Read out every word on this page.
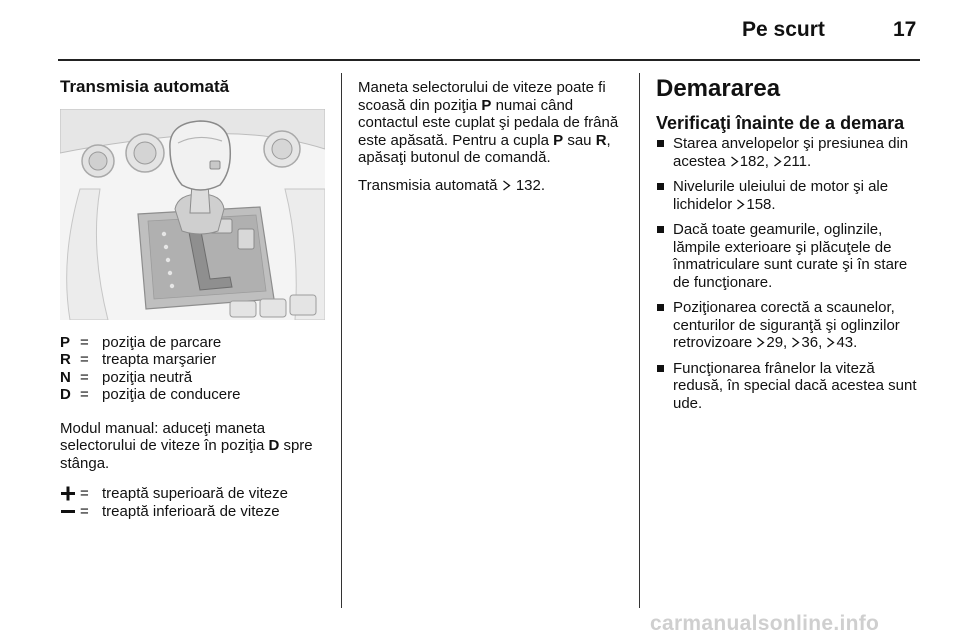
Pe scurt	17
Transmisia automată
P = poziţia de parcare
R = treapta marşarier
N = poziţia neutră
D = poziţia de conducere

Modul manual: aduceţi maneta selectorului de viteze în poziţia D spre stânga.

= treaptă superioară de viteze
= treaptă inferioară de viteze

Maneta selectorului de viteze poate fi scoasă din poziţia P numai când contactul este cuplat şi pedala de frână este apăsată. Pentru a cupla P sau R, apăsaţi butonul de comandă.

Transmisia automată 132.

Demararea
Verificaţi înainte de a demara
Starea anvelopelor şi presiunea din acestea 182, 211.
Nivelurile uleiului de motor şi ale lichidelor 158.
Dacă toate geamurile, oglinzile, lămpile exterioare şi plăcuţele de înmatriculare sunt curate şi în stare de funcţionare.
Poziţionarea corectă a scaunelor, centurilor de siguranţă şi oglinzilor retrovizoare 29, 36, 43.
Funcţionarea frânelor la viteză redusă, în special dacă acestea sunt ude.
carmanualsonline.info
